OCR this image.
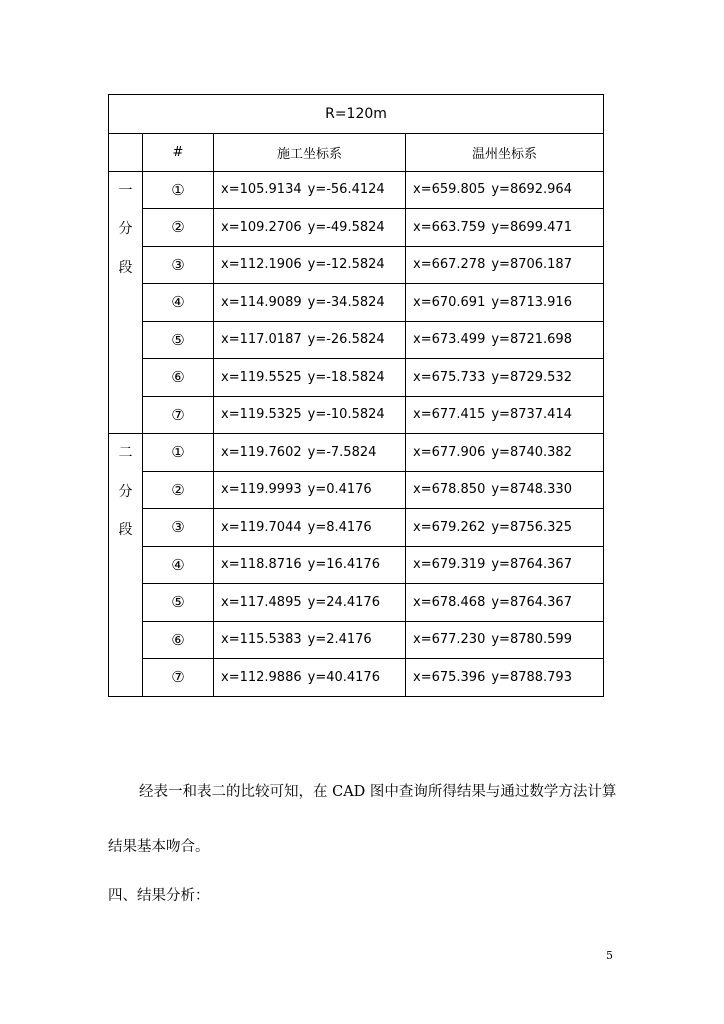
R=120m			
	#	施工坐标系	温州坐标系

一
分
段	①	x=105.9134 y=-56.4124	x=659.805 y=8692.964
	②	x=109.2706 y=-49.5824	x=663.759 y=8699.471
	③	x=112.1906 y=-12.5824	x=667.278 y=8706.187
	④	x=114.9089 y=-34.5824	x=670.691 y=8713.916
	⑤	x=117.0187 y=-26.5824	x=673.499 y=8721.698
	⑥	x=119.5525 y=-18.5824	x=675.733 y=8729.532
	⑦	x=119.5325 y=-10.5824	x=677.415 y=8737.414

二
分
段	①	x=119.7602 y=-7.5824	x=677.906 y=8740.382
	②	x=119.9993 y=0.4176	x=678.850 y=8748.330
	③	x=119.7044 y=8.4176	x=679.262 y=8756.325
	④	x=118.8716 y=16.4176	x=679.319 y=8764.367
	⑤	x=117.4895 y=24.4176	x=678.468 y=8764.367
	⑥	x=115.5383 y=2.4176	x=677.230 y=8780.599
	⑦	x=112.9886 y=40.4176	x=675.396 y=8788.793
经表一和表二的比较可知，在 CAD 图中查询所得结果与通过数学方法计算
结果基本吻合。
四、结果分析：
5
